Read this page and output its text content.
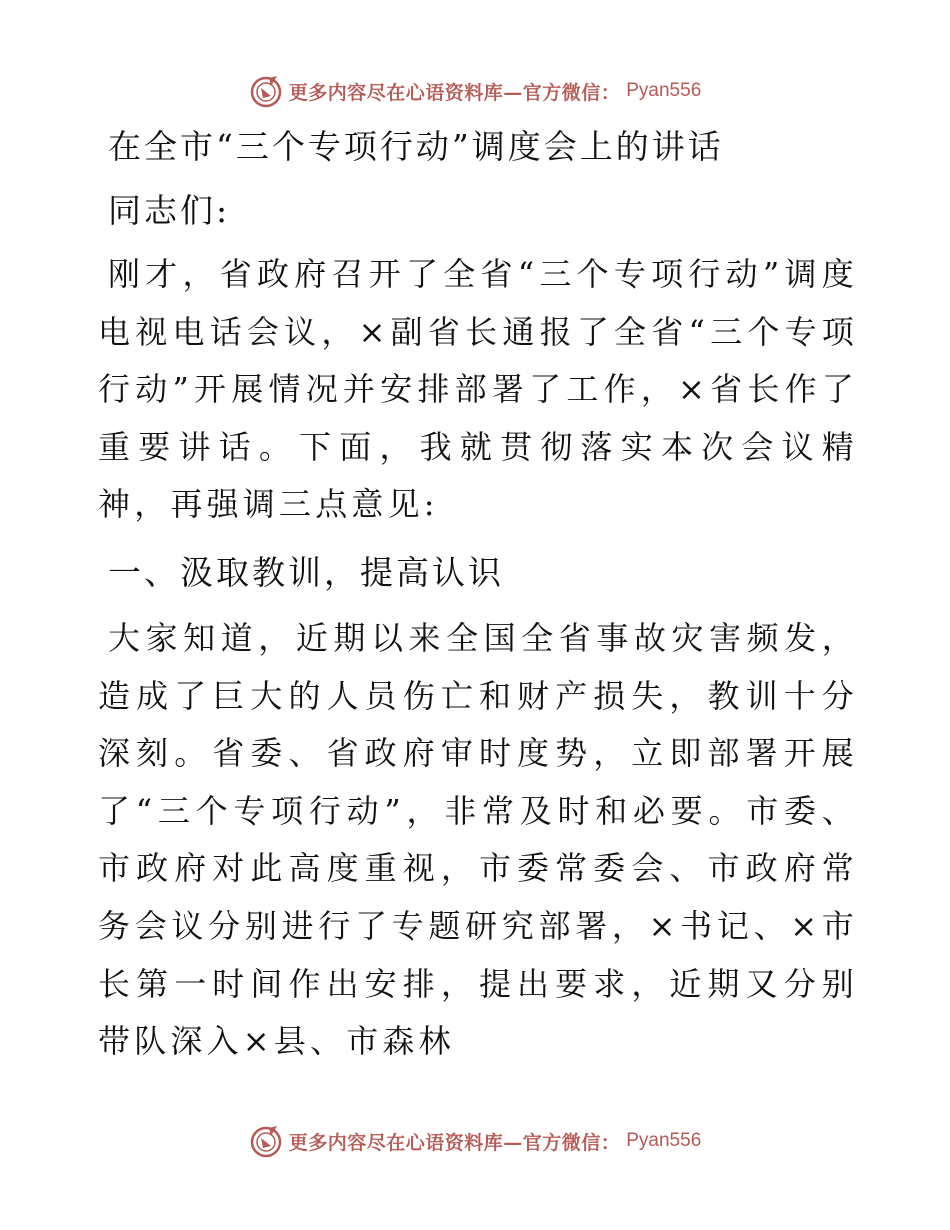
更多内容尽在心语资料库—官方微信： Pyan556
在全市“三个专项行动”调度会上的讲话
同志们:

刚才，省政府召开了全省“三个专项行动”调度电视电话会议，×副省长通报了全省“三个专项行动”开展情况并安排部署了工作，×省长作了重要讲话。下面，我就贯彻落实本次会议精神，再强调三点意见:

一、汲取教训，提高认识

大家知道，近期以来全国全省事故灾害频发，造成了巨大的人员伤亡和财产损失，教训十分深刻。省委、省政府审时度势，立即部署开展了“三个专项行动”，非常及时和必要。市委、市政府对此高度重视，市委常委会、市政府常务会议分别进行了专题研究部署，×书记、×市长第一时间作出安排，提出要求，近期又分别带队深入×县、市森林

更多内容尽在心语资料库—官方微信： Pyan556
